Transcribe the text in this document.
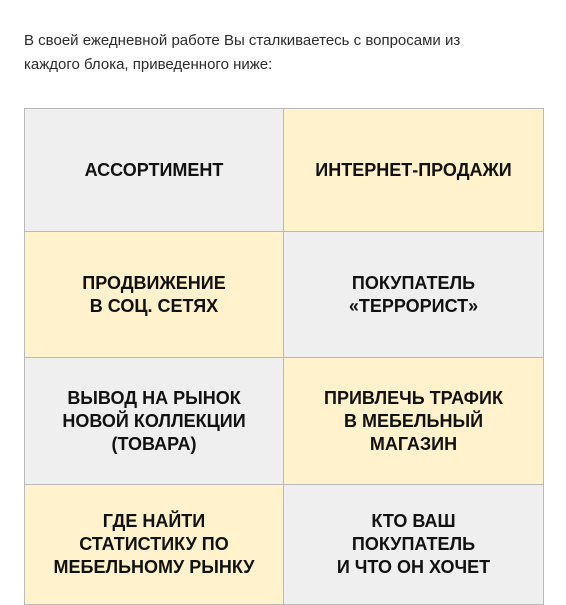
В своей ежедневной работе Вы сталкиваетесь с вопросами из
каждого блока, приведенного ниже:

АССОРТИМЕНТ	ИНТЕРНЕТ-ПРОДАЖИ
ПРОДВИЖЕНИЕ
В СОЦ. СЕТЯХ
ПОКУПАТЕЛЬ
«ТЕРРОРИСТ»
ВЫВОД НА РЫНОК
НОВОЙ КОЛЛЕКЦИИ
(ТОВАРА)
ПРИВЛЕЧЬ ТРАФИК
В МЕБЕЛЬНЫЙ
МАГАЗИН
ГДЕ НАЙТИ
СТАТИСТИКУ ПО
МЕБЕЛЬНОМУ РЫНКУ
КТО ВАШ
ПОКУПАТЕЛЬ
И ЧТО ОН ХОЧЕТ
